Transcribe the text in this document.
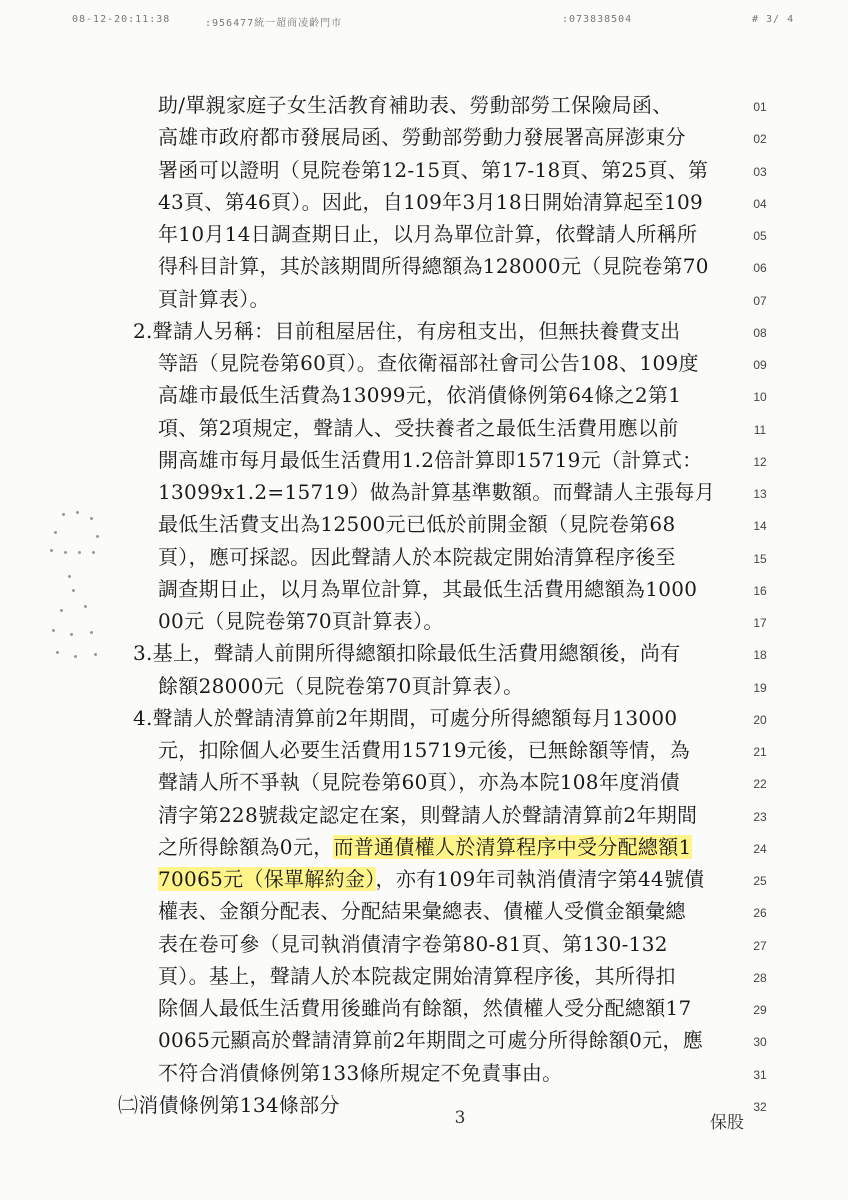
08-12-20:11:38	:956477統一超商凌齡門市	:073838504	# 3/ 4
助/單親家庭子女生活教育補助表、勞動部勞工保險局函、	01
高雄市政府都市發展局函、勞動部勞動力發展署高屏澎東分	02
署函可以證明（見院卷第12-15頁、第17-18頁、第25頁、第	03
43頁、第46頁）。因此，自109年3月18日開始清算起至109	04
年10月14日調查期日止，以月為單位計算，依聲請人所稱所	05
得科目計算，其於該期間所得總額為128000元（見院卷第70	06
頁計算表）。	07
2.聲請人另稱：目前租屋居住，有房租支出，但無扶養費支出	08
等語（見院卷第60頁）。查依衛福部社會司公告108、109度	09
高雄市最低生活費為13099元，依消債條例第64條之2第1	10
項、第2項規定，聲請人、受扶養者之最低生活費用應以前	11
開高雄市每月最低生活費用1.2倍計算即15719元（計算式：	12
13099x1.2=15719）做為計算基準數額。而聲請人主張每月	13
最低生活費支出為12500元已低於前開金額（見院卷第68	14
頁），應可採認。因此聲請人於本院裁定開始清算程序後至	15
調查期日止，以月為單位計算，其最低生活費用總額為1000	16
00元（見院卷第70頁計算表）。	17
3.基上，聲請人前開所得總額扣除最低生活費用總額後，尚有	18
餘額28000元（見院卷第70頁計算表）。	19
4.聲請人於聲請清算前2年期間，可處分所得總額每月13000	20
元，扣除個人必要生活費用15719元後，已無餘額等情，為	21
聲請人所不爭執（見院卷第60頁），亦為本院108年度消債	22
清字第228號裁定認定在案，則聲請人於聲請清算前2年期間	23
之所得餘額為0元，而普通債權人於清算程序中受分配總額1	24
70065元（保單解約金），亦有109年司執消債清字第44號債	25
權表、金額分配表、分配結果彙總表、債權人受償金額彙總	26
表在卷可參（見司執消債清字卷第80-81頁、第130-132	27
頁）。基上，聲請人於本院裁定開始清算程序後，其所得扣	28
除個人最低生活費用後雖尚有餘額，然債權人受分配總額17	29
0065元顯高於聲請清算前2年期間之可處分所得餘額0元，應	30
不符合消債條例第133條所規定不免責事由。	31
㈡消債條例第134條部分	32
3	保股
